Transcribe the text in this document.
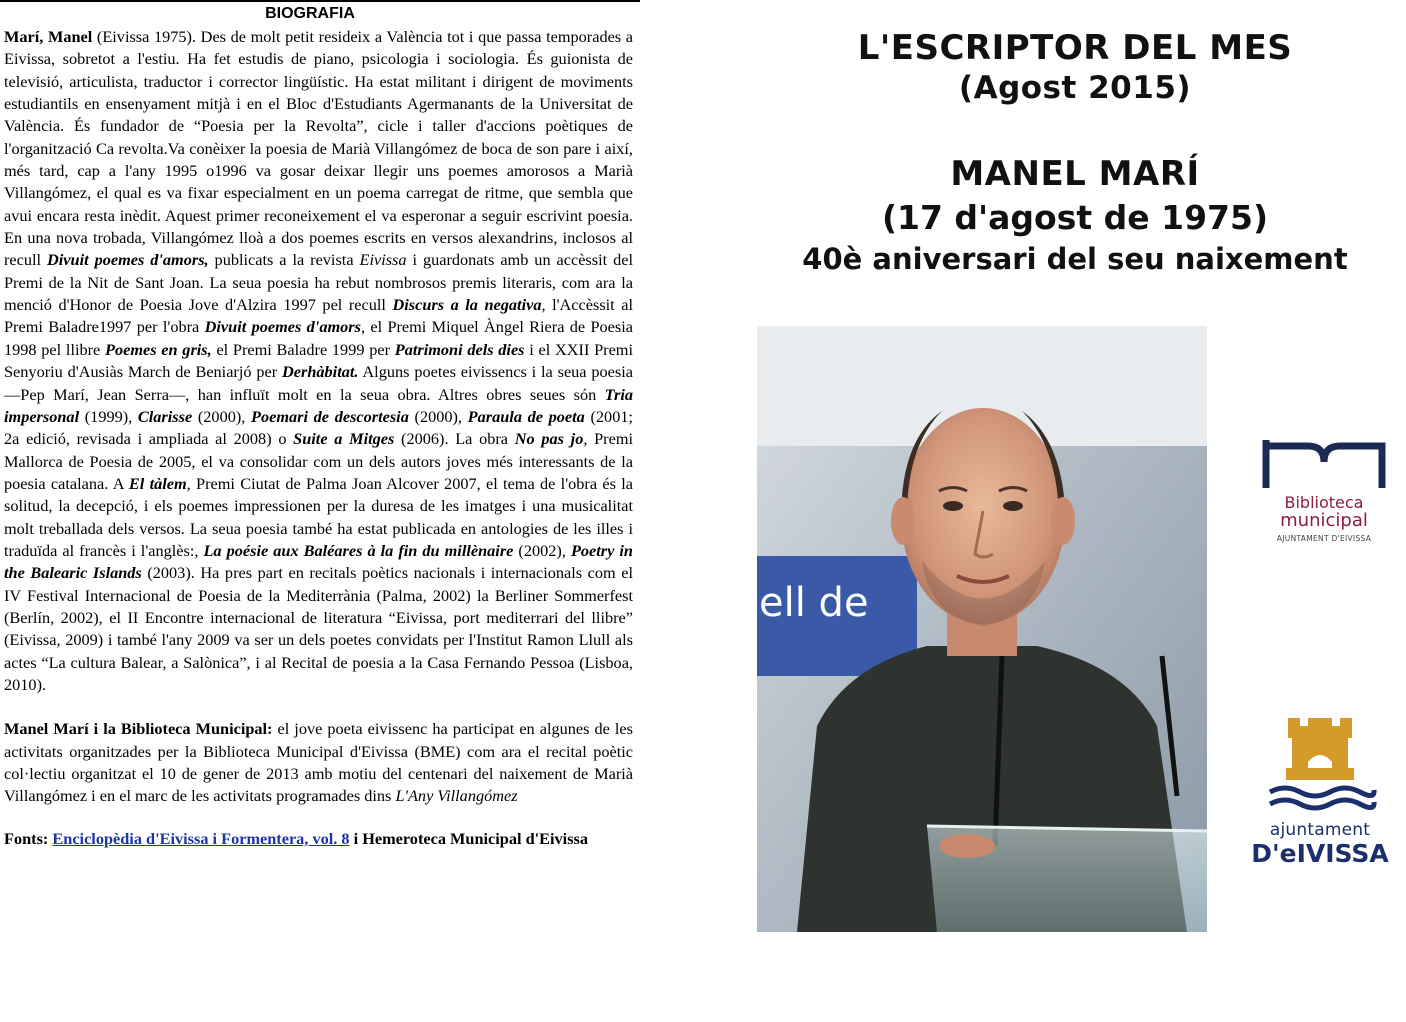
BIOGRAFIA

Marí, Manel (Eivissa 1975). Des de molt petit resideix a València tot i que passa temporades a Eivissa, sobretot a l'estiu. Ha fet estudis de piano, psicologia i sociologia. És guionista de televisió, articulista, traductor i corrector lingüístic. Ha estat militant i dirigent de moviments estudiantils en ensenyament mitjà i en el Bloc d'Estudiants Agermanants de la Universitat de València. És fundador de “Poesia per la Revolta”, cicle i taller d'accions poètiques de l'organització Ca revolta.Va conèixer la poesia de Marià Villangómez de boca de son pare i així, més tard, cap a l'any 1995 o1996 va gosar deixar llegir uns poemes amorosos a Marià Villangómez, el qual es va fixar especialment en un poema carregat de ritme, que sembla que avui encara resta inèdit. Aquest primer reconeixement el va esperonar a seguir escrivint poesia. En una nova trobada, Villangómez lloà a dos poemes escrits en versos alexandrins, inclosos al recull Divuit poemes d'amors, publicats a la revista Eivissa i guardonats amb un accèssit del Premi de la Nit de Sant Joan. La seua poesia ha rebut nombrosos premis literaris, com ara la menció d'Honor de Poesia Jove d'Alzira 1997 pel recull Discurs a la negativa, l'Accèssit al Premi Baladre1997 per l'obra Divuit poemes d'amors, el Premi Miquel Àngel Riera de Poesia 1998 pel llibre Poemes en gris, el Premi Baladre 1999 per Patrimoni dels dies i el XXII Premi Senyoriu d'Ausiàs March de Beniarjó per Derhàbitat. Alguns poetes eivissencs i la seua poesia —Pep Marí, Jean Serra—, han influït molt en la seua obra. Altres obres seues són Tria impersonal (1999), Clarisse (2000), Poemari de descortesia (2000), Paraula de poeta (2001; 2a edició, revisada i ampliada al 2008) o Suite a Mitges (2006). La obra No pas jo, Premi Mallorca de Poesia de 2005, el va consolidar com un dels autors joves més interessants de la poesia catalana. A El tàlem, Premi Ciutat de Palma Joan Alcover 2007, el tema de l'obra és la solitud, la decepció, i els poemes impressionen per la duresa de les imatges i una musicalitat molt treballada dels versos. La seua poesia també ha estat publicada en antologies de les illes i traduïda al francès i l'anglès:, La poésie aux Baléares à la fin du millènaire (2002), Poetry in the Balearic Islands (2003). Ha pres part en recitals poètics nacionals i internacionals com el IV Festival Internacional de Poesia de la Mediterrània (Palma, 2002) la Berliner Sommerfest (Berlín, 2002), el II Encontre internacional de literatura “Eivissa, port mediterrari del llibre” (Eivissa, 2009) i també l'any 2009 va ser un dels poetes convidats per l'Institut Ramon Llull als actes “La cultura Balear, a Salònica”, i al Recital de poesia a la Casa Fernando Pessoa (Lisboa, 2010).

Manel Marí i la Biblioteca Municipal: el jove poeta eivissenc ha participat en algunes de les activitats organitzades per la Biblioteca Municipal d'Eivissa (BME) com ara el recital poètic col·lectiu organitzat el 10 de gener de 2013 amb motiu del centenari del naixement de Marià Villangómez i en el marc de les activitats programades dins L'Any Villangómez

Fonts: Enciclopèdia d'Eivissa i Formentera, vol. 8 i Hemeroteca Municipal d'Eivissa

L'ESCRIPTOR DEL MES
(Agost 2015)
MANEL MARÍ
(17 d'agost de 1975)
40è aniversari del seu naixement
ell de
Biblioteca
municipal
AJUNTAMENT D'EIVISSA
ajuntament
D'eIVISSA
